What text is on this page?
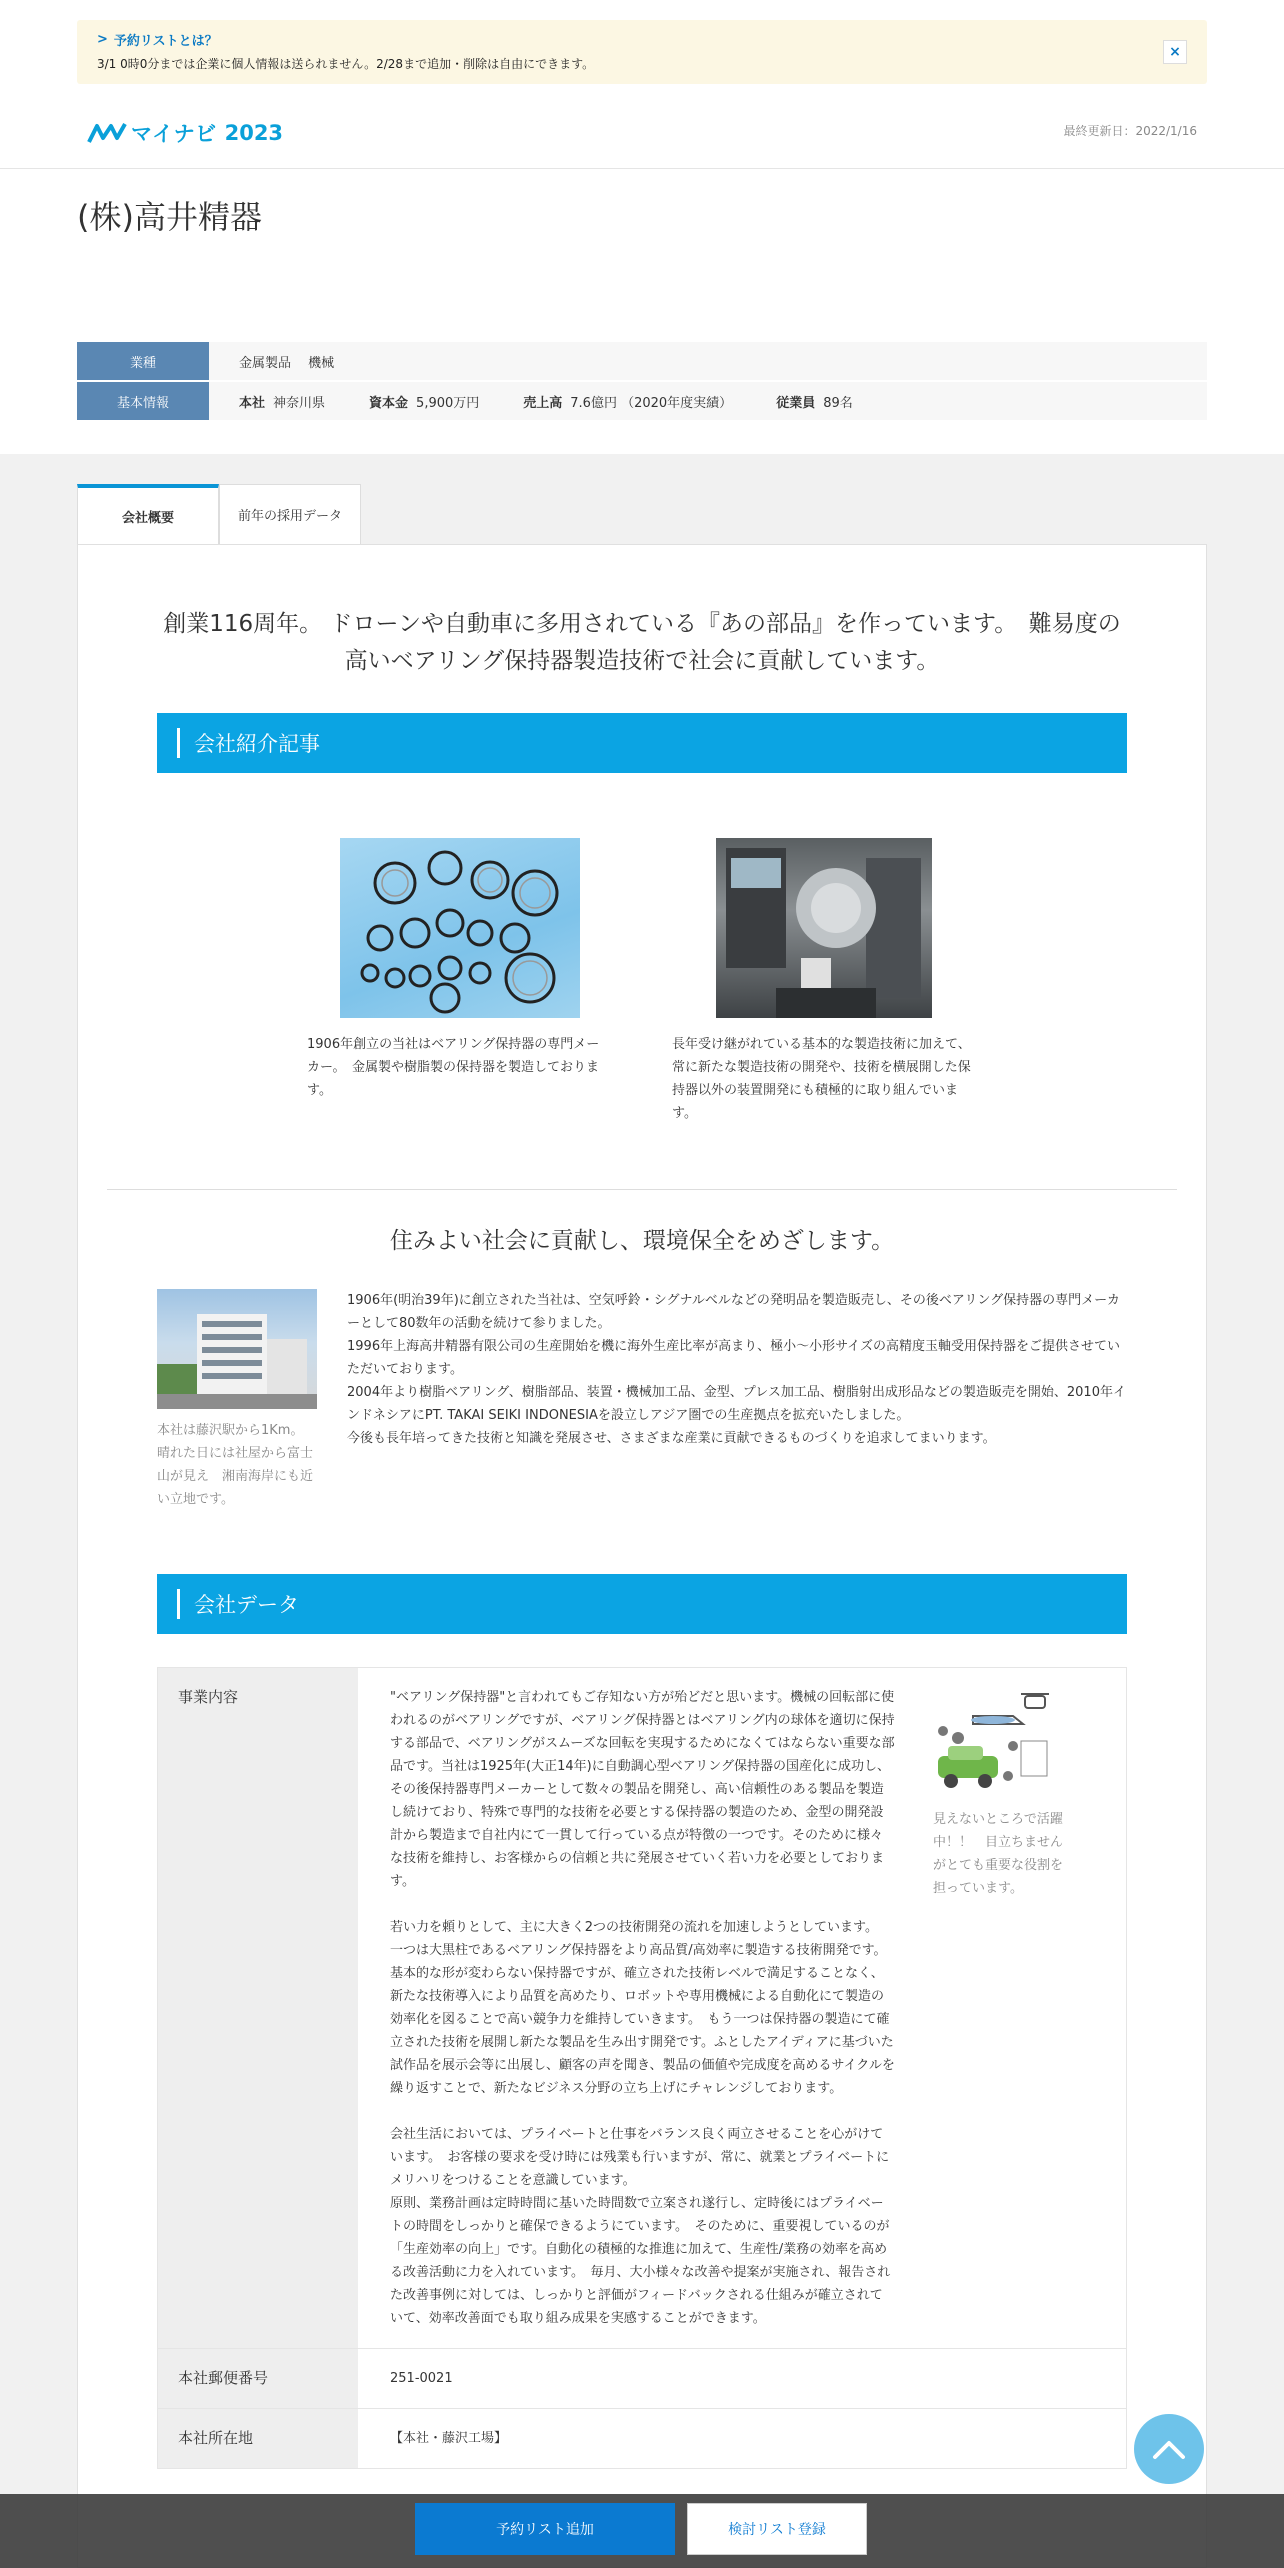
> 予約リストとは？
3/1 0時0分までは企業に個人情報は送られません。2/28まで追加・削除は自由にできます。
×
マイナビ 2023	最終更新日：2022/1/16
(株)高井精器
業種	金属製品　 機械
基本情報	本社 神奈川県	資本金 5,900万円	売上高 7.6億円 （2020年度実績）	従業員 89名
会社概要	前年の採用データ
創業116周年。 ドローンや自動車に多用されている『あの部品』を作っています。　難易度の高いベアリング保持器製造技術で社会に貢献しています。
会社紹介記事
1906年創立の当社はベアリング保持器の専門メーカー。　金属製や樹脂製の保持器を製造しております。
長年受け継がれている基本的な製造技術に加えて、常に新たな製造技術の開発や、技術を横展開した保持器以外の装置開発にも積極的に取り組んでいます。
住みよい社会に貢献し、環境保全をめざします。
本社は藤沢駅から1Km。　晴れた日には社屋から富士山が見え　湘南海岸にも近い立地です。
1906年(明治39年)に創立された当社は、空気呼鈴・シグナルベルなどの発明品を製造販売し、その後ベアリング保持器の専門メーカーとして80数年の活動を続けて参りました。
1996年上海高井精器有限公司の生産開始を機に海外生産比率が高まり、極小～小形サイズの高精度玉軸受用保持器をご提供させていただいております。
2004年より樹脂ベアリング、樹脂部品、装置・機械加工品、金型、プレス加工品、樹脂射出成形品などの製造販売を開始、2010年インドネシアにPT. TAKAI SEIKI INDONESIAを設立しアジア圏での生産拠点を拡充いたしました。
今後も長年培ってきた技術と知識を発展させ、さまざまな産業に貢献できるものづくりを追求してまいります。
会社データ
事業内容	"ベアリング保持器"と言われてもご存知ない方が殆どだと思います。機械の回転部に使われるのがベアリングですが、ベアリング保持器とはベアリング内の球体を適切に保持する部品で、ベアリングがスムーズな回転を実現するためになくてはならない重要な部品です。当社は1925年(大正14年)に自動調心型ベアリング保持器の国産化に成功し、その後保持器専門メーカーとして数々の製品を開発し、高い信頼性のある製品を製造し続けており、特殊で専門的な技術を必要とする保持器の製造のため、金型の開発設計から製造まで自社内にて一貫して行っている点が特徴の一つです。そのために様々な技術を維持し、お客様からの信頼と共に発展させていく若い力を必要としております。

若い力を頼りとして、主に大きく2つの技術開発の流れを加速しようとしています。　一つは大黒柱であるベアリング保持器をより高品質/高効率に製造する技術開発です。基本的な形が変わらない保持器ですが、確立された技術レベルで満足することなく、新たな技術導入により品質を高めたり、ロボットや専用機械による自動化にて製造の効率化を図ることで高い競争力を維持していきます。　もう一つは保持器の製造にて確立された技術を展開し新たな製品を生み出す開発です。ふとしたアイディアに基づいた試作品を展示会等に出展し、顧客の声を聞き、製品の価値や完成度を高めるサイクルを繰り返すことで、新たなビジネス分野の立ち上げにチャレンジしております。

会社生活においては、プライベートと仕事をバランス良く両立させることを心がけています。　お客様の要求を受け時には残業も行いますが、常に、就業とプライベートにメリハリをつけることを意識しています。
原則、業務計画は定時時間に基いた時間数で立案され遂行し、定時後にはプライベートの時間をしっかりと確保できるようにています。　そのために、重要視しているのが「生産効率の向上」です。自動化の積極的な推進に加えて、生産性/業務の効率を高める改善活動に力を入れています。　毎月、大小様々な改善や提案が実施され、報告された改善事例に対しては、しっかりと評価がフィードバックされる仕組みが確立されていて、効率改善面でも取り組み成果を実感することができます。

見えないところで活躍中！！　目立ちませんがとても重要な役割を担っています。
本社郵便番号	251-0021
本社所在地	【本社・藤沢工場】
予約リスト追加	検討リスト登録
